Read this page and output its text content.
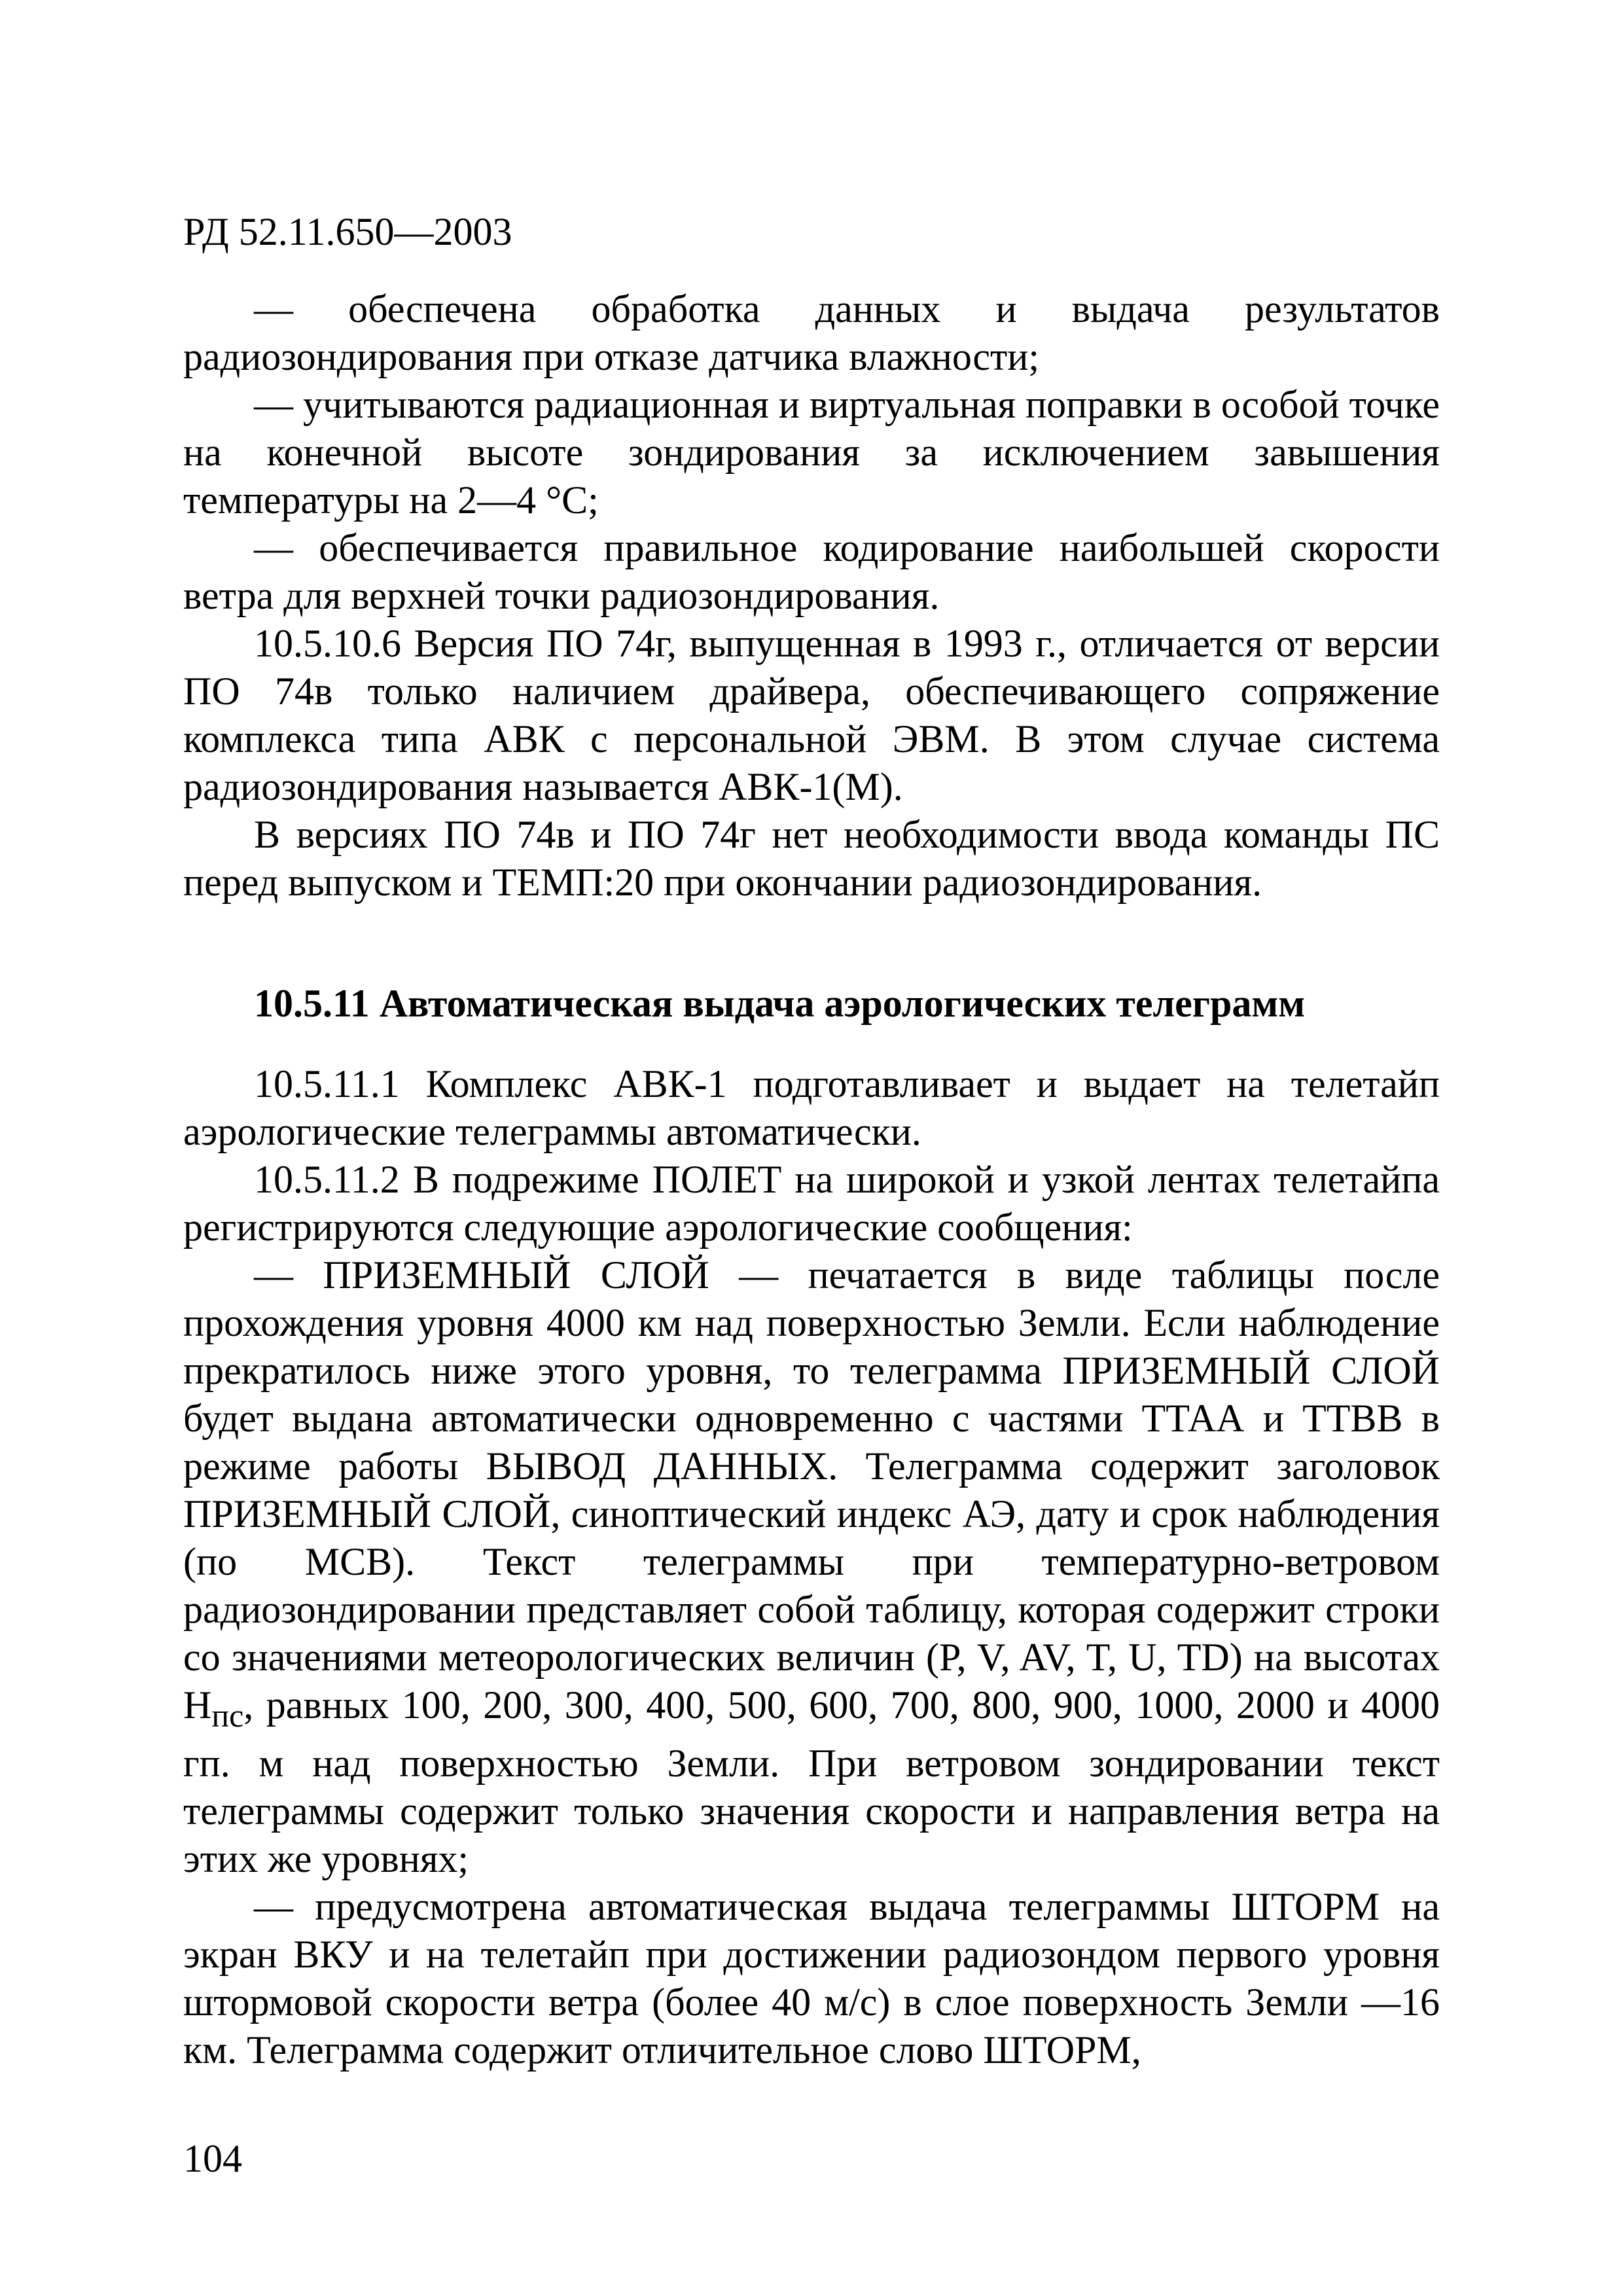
РД 52.11.650—2003

— обеспечена обработка данных и выдача результатов радиозондирования при отказе датчика влажности;

— учитываются радиационная и виртуальная поправки в особой точке на конечной высоте зондирования за исключением завышения температуры на 2—4 °С;

— обеспечивается правильное кодирование наибольшей скорости ветра для верхней точки радиозондирования.

10.5.10.6 Версия ПО 74г, выпущенная в 1993 г., отличается от версии ПО 74в только наличием драйвера, обеспечивающего сопряжение комплекса типа АВК с персональной ЭВМ. В этом случае система радиозондирования называется АВК-1(М).

В версиях ПО 74в и ПО 74г нет необходимости ввода команды ПС перед выпуском и ТЕМП:20 при окончании радиозондирования.

10.5.11 Автоматическая выдача аэрологических телеграмм

10.5.11.1 Комплекс АВК-1 подготавливает и выдает на телетайп аэрологические телеграммы автоматически.

10.5.11.2 В подрежиме ПОЛЕТ на широкой и узкой лентах телетайпа регистрируются следующие аэрологические сообщения:

— ПРИЗЕМНЫЙ СЛОЙ — печатается в виде таблицы после прохождения уровня 4000 км над поверхностью Земли. Если наблюдение прекратилось ниже этого уровня, то телеграмма ПРИЗЕМНЫЙ СЛОЙ будет выдана автоматически одновременно с частями ТТАА и ТТВВ в режиме работы ВЫВОД ДАННЫХ. Телеграмма содержит заголовок ПРИЗЕМНЫЙ СЛОЙ, синоптический индекс АЭ, дату и срок наблюдения (по МСВ). Текст телеграммы при температурно-ветровом радиозондировании представляет собой таблицу, которая содержит строки со значениями метеорологических величин (P, V, AV, T, U, TD) на высотах $Н_{пс}$, равных 100, 200, 300, 400, 500, 600, 700, 800, 900, 1000, 2000 и 4000 гп. м над поверхностью Земли. При ветровом зондировании текст телеграммы содержит только значения скорости и направления ветра на этих же уровнях;

— предусмотрена автоматическая выдача телеграммы ШТОРМ на экран ВКУ и на телетайп при достижении радиозондом первого уровня штормовой скорости ветра (более 40 м/с) в слое поверхность Земли —16 км. Телеграмма содержит отличительное слово ШТОРМ,

104
